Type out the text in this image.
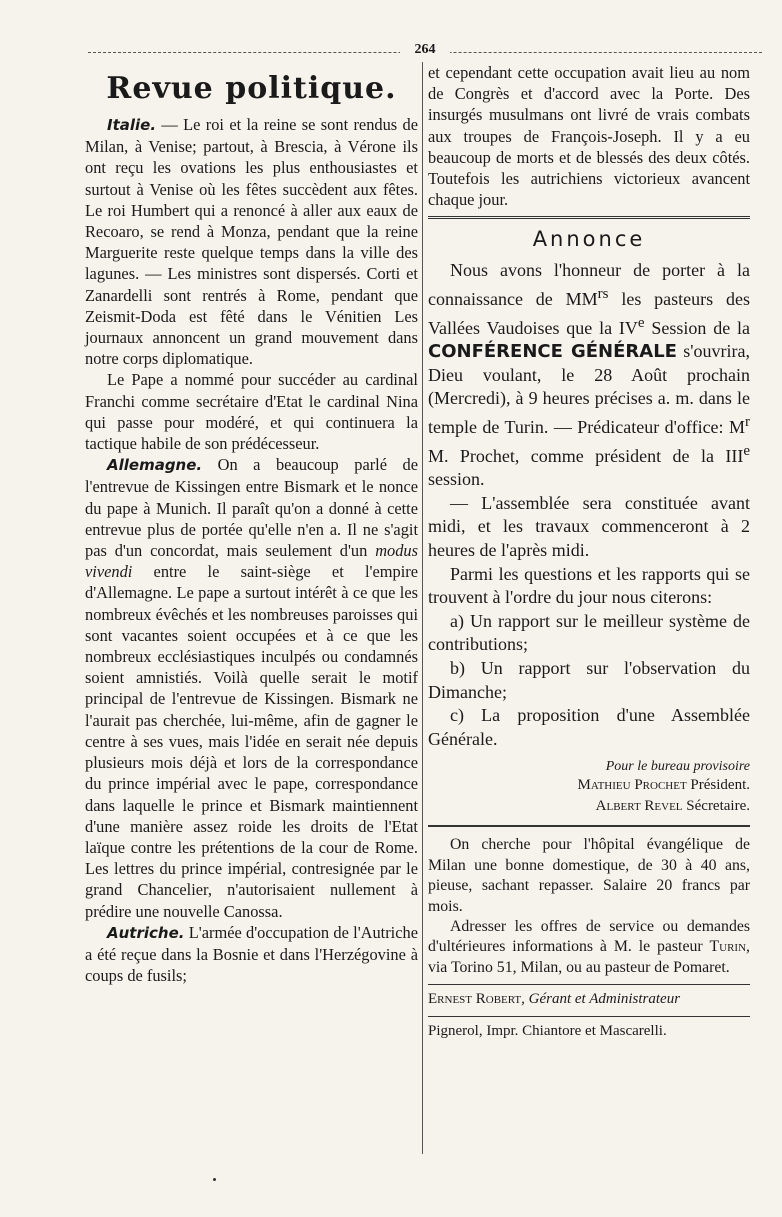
264
Revue politique.

Italie. — Le roi et la reine se sont rendus de Milan, à Venise; partout, à Brescia, à Vérone ils ont reçu les ovations les plus enthousiastes et surtout à Venise où les fêtes succèdent aux fêtes. Le roi Humbert qui a renoncé à aller aux eaux de Recoaro, se rend à Monza, pendant que la reine Marguerite reste quelque temps dans la ville des lagunes. — Les ministres sont dispersés. Corti et Zanardelli sont rentrés à Rome, pendant que Zeismit-Doda est fêté dans le Vénitien Les journaux annoncent un grand mouvement dans notre corps diplomatique.

Le Pape a nommé pour succéder au cardinal Franchi comme secrétaire d'Etat le cardinal Nina qui passe pour modéré, et qui continuera la tactique habile de son prédécesseur.

Allemagne. On a beaucoup parlé de l'entrevue de Kissingen entre Bismark et le nonce du pape à Munich. Il paraît qu'on a donné à cette entrevue plus de portée qu'elle n'en a. Il ne s'agit pas d'un concordat, mais seulement d'un modus vivendi entre le saint-siège et l'empire d'Allemagne. Le pape a surtout intérêt à ce que les nombreux évêchés et les nombreuses paroisses qui sont vacantes soient occupées et à ce que les nombreux ecclésiastiques inculpés ou condamnés soient amnistiés. Voilà quelle serait le motif principal de l'entrevue de Kissingen. Bismark ne l'aurait pas cherchée, lui-même, afin de gagner le centre à ses vues, mais l'idée en serait née depuis plusieurs mois déjà et lors de la correspondance du prince impérial avec le pape, correspondance dans laquelle le prince et Bismark maintiennent d'une manière assez roide les droits de l'Etat laïque contre les prétentions de la cour de Rome. Les lettres du prince impérial, contresignée par le grand Chancelier, n'autorisaient nullement à prédire une nouvelle Canossa.

Autriche. L'armée d'occupation de l'Autriche a été reçue dans la Bosnie et dans l'Herzégovine à coups de fusils;

et cependant cette occupation avait lieu au nom de Congrès et d'accord avec la Porte. Des insurgés musulmans ont livré de vrais combats aux troupes de François-Joseph. Il y a eu beaucoup de morts et de blessés des deux côtés. Toutefois les autrichiens victorieux avancent chaque jour.

Annonce

Nous avons l'honneur de porter à la connaissance de $MM^{rs}$ les pasteurs des Vallées Vaudoises que la IVe Session de la CONFÉRENCE GÉNÉRALE s'ouvrira, Dieu voulant, le 28 Août prochain (Mercredi), à 9 heures précises a. m. dans le temple de Turin. — Prédicateur d'office: $M^r$ M. Prochet, comme président de la IIIe session.

— L'assemblée sera constituée avant midi, et les travaux commenceront à 2 heures de l'après midi.

Parmi les questions et les rapports qui se trouvent à l'ordre du jour nous citerons:

a) Un rapport sur le meilleur système de contributions;

b) Un rapport sur l'observation du Dimanche;

c) La proposition d'une Assemblée Générale.

Pour le bureau provisoire
Mathieu Prochet Président.
Albert Revel Sécretaire.

On cherche pour l'hôpital évangélique de Milan une bonne domestique, de 30 à 40 ans, pieuse, sachant repasser. Salaire 20 francs par mois.

Adresser les offres de service ou demandes d'ultérieures informations à M. le pasteur Turin, via Torino 51, Milan, ou au pasteur de Pomaret.

Ernest Robert, Gérant et Administrateur
Pignerol, Impr. Chiantore et Mascarelli.
